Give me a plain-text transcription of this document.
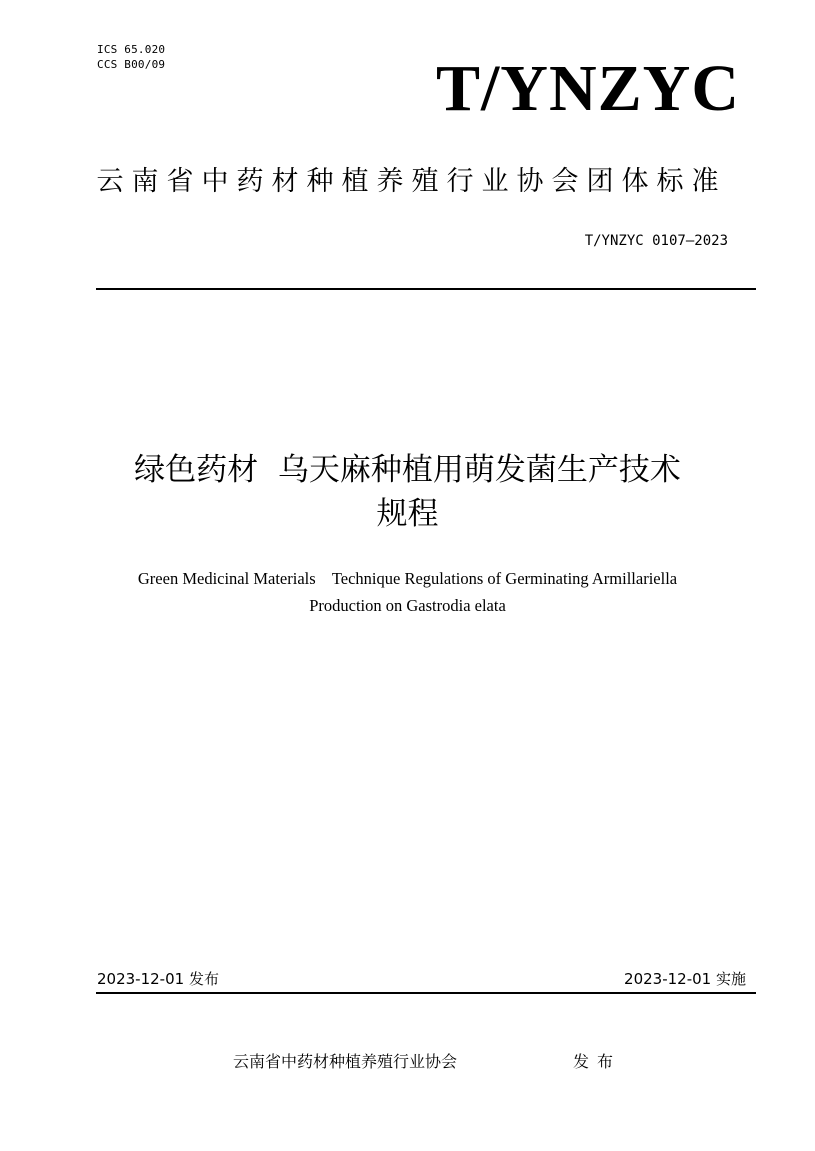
ICS 65.020
CCS B00/09	T/YNZYC
云南省中药材种植养殖行业协会团体标准
T/YNZYC 0107—2023
绿色药材  乌天麻种植用萌发菌生产技术
规程
Green Medicinal Materials    Technique Regulations of Germinating Armillariella
Production on Gastrodia elata
2023-12-01 发布	2023-12-01 实施
云南省中药材种植养殖行业协会	发布
